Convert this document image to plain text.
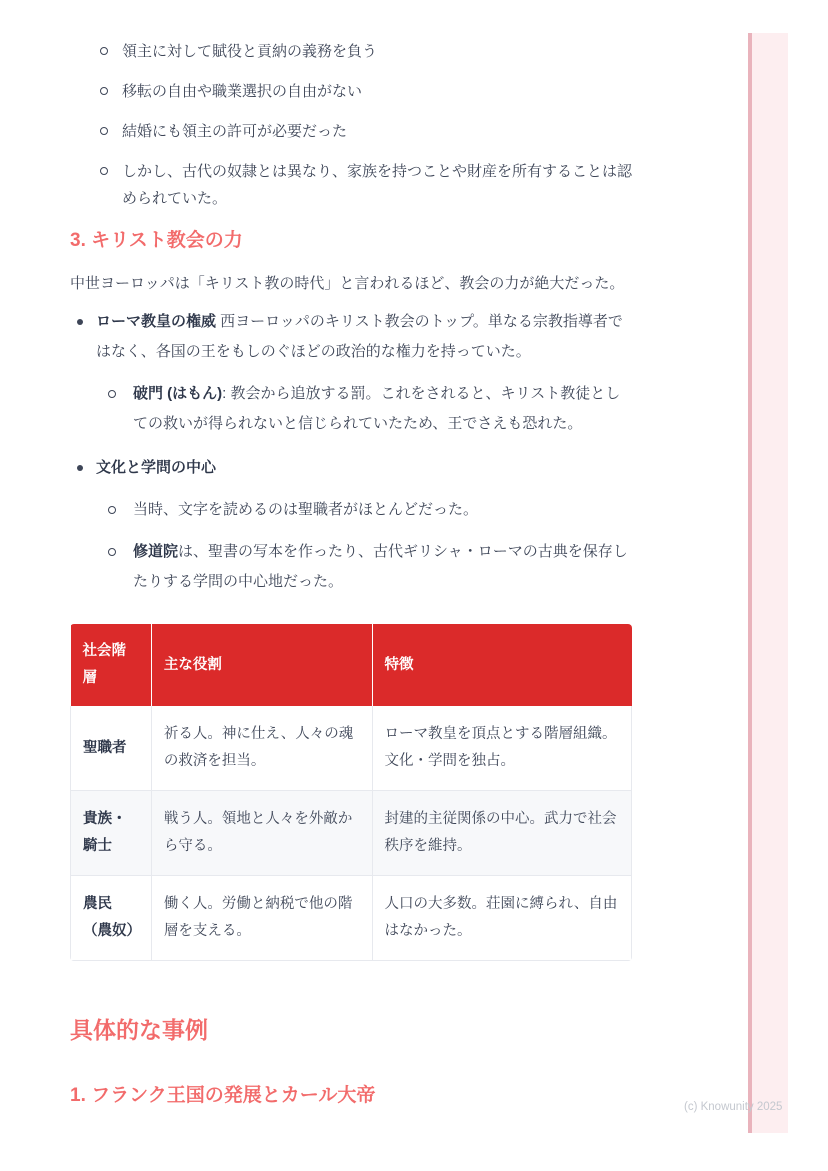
領主に対して賦役と貢納の義務を負う
移転の自由や職業選択の自由がない
結婚にも領主の許可が必要だった
しかし、古代の奴隷とは異なり、家族を持つことや財産を所有することは認められていた。
3. キリスト教会の力

中世ヨーロッパは「キリスト教の時代」と言われるほど、教会の力が絶大だった。

ローマ教皇の権威 西ヨーロッパのキリスト教会のトップ。単なる宗教指導者ではなく、各国の王をもしのぐほどの政治的な権力を持っていた。
破門 (はもん): 教会から追放する罰。これをされると、キリスト教徒としての救いが得られないと信じられていたため、王でさえも恐れた。
文化と学問の中心
当時、文字を読めるのは聖職者がほとんどだった。
修道院は、聖書の写本を作ったり、古代ギリシャ・ローマの古典を保存したりする学問の中心地だった。
社会階層	主な役割	特徴
聖職者	祈る人。神に仕え、人々の魂の救済を担当。	ローマ教皇を頂点とする階層組織。文化・学問を独占。
貴族・騎士	戦う人。領地と人々を外敵から守る。	封建的主従関係の中心。武力で社会秩序を維持。
農民（農奴）	働く人。労働と納税で他の階層を支える。	人口の大多数。荘園に縛られ、自由はなかった。
具体的な事例
1. フランク王国の発展とカール大帝
(c) Knowunity 2025
